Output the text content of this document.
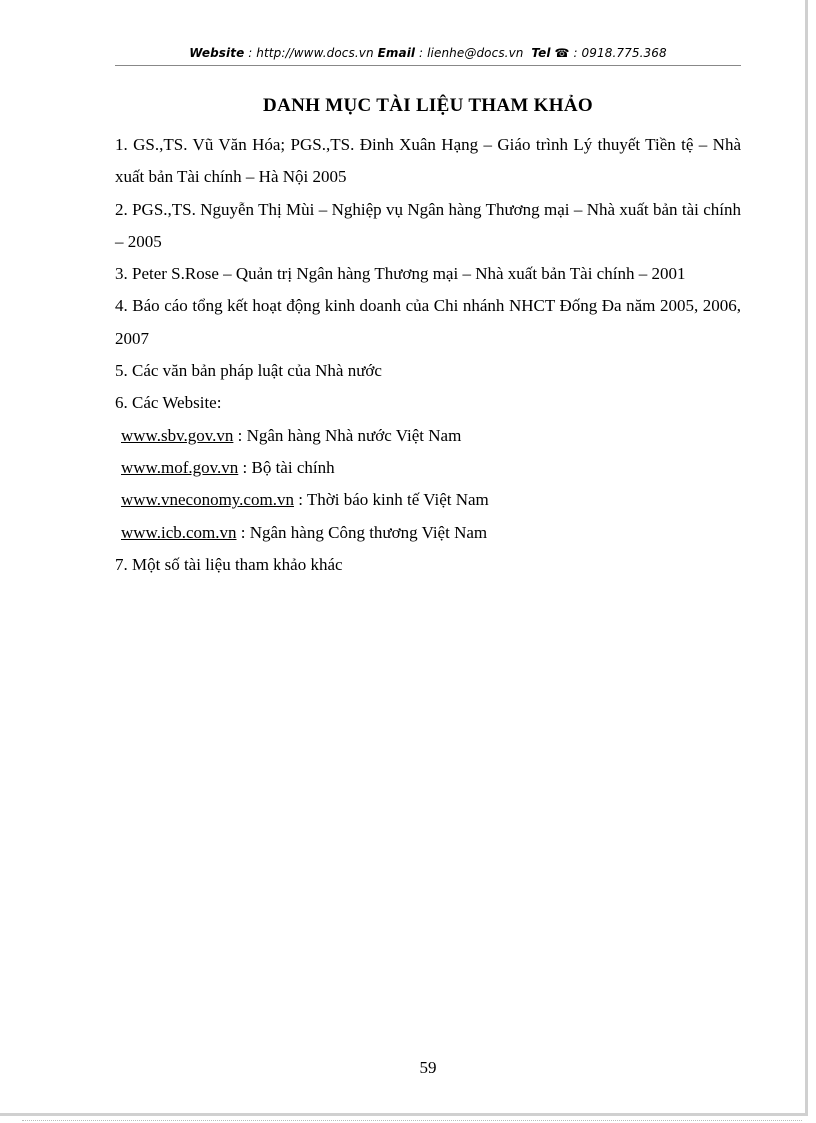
Website : http://www.docs.vn Email : lienhe@docs.vn Tel ☎ : 0918.775.368
DANH MỤC TÀI LIỆU THAM KHẢO

1. GS.,TS. Vũ Văn Hóa; PGS.,TS. Đinh Xuân Hạng – Giáo trình Lý thuyết Tiền tệ – Nhà xuất bản Tài chính – Hà Nội 2005

2. PGS.,TS. Nguyễn Thị Mùi – Nghiệp vụ Ngân hàng Thương mại – Nhà xuất bản tài chính – 2005

3. Peter S.Rose – Quản trị Ngân hàng Thương mại – Nhà xuất bản Tài chính – 2001

4. Báo cáo tổng kết hoạt động kinh doanh của Chi nhánh NHCT Đống Đa năm 2005, 2006, 2007

5. Các văn bản pháp luật của Nhà nước

6. Các Website:

www.sbv.gov.vn : Ngân hàng Nhà nước Việt Nam

www.mof.gov.vn : Bộ tài chính

www.vneconomy.com.vn : Thời báo kinh tế Việt Nam

www.icb.com.vn : Ngân hàng Công thương Việt Nam

7. Một số tài liệu tham khảo khác

59
